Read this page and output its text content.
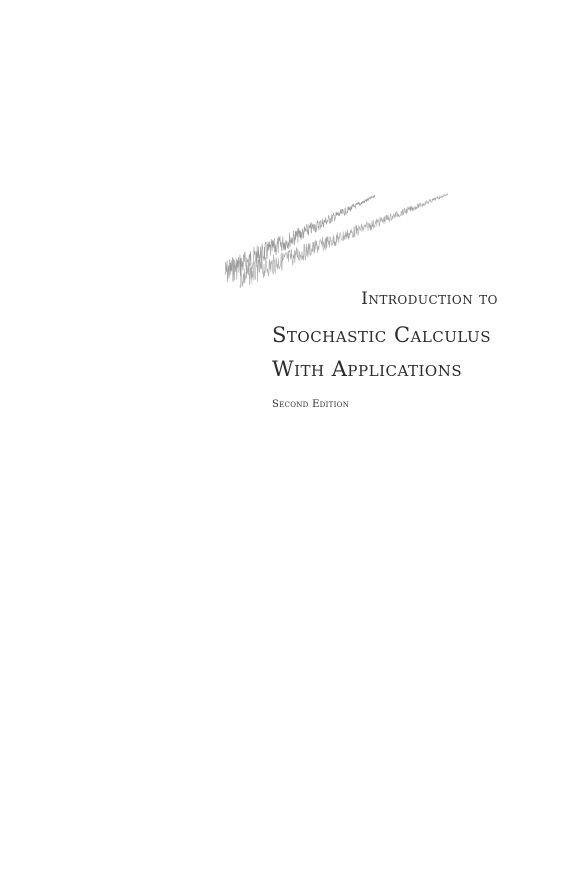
Introduction to

Stochastic Calculus

With Applications

Second Edition
